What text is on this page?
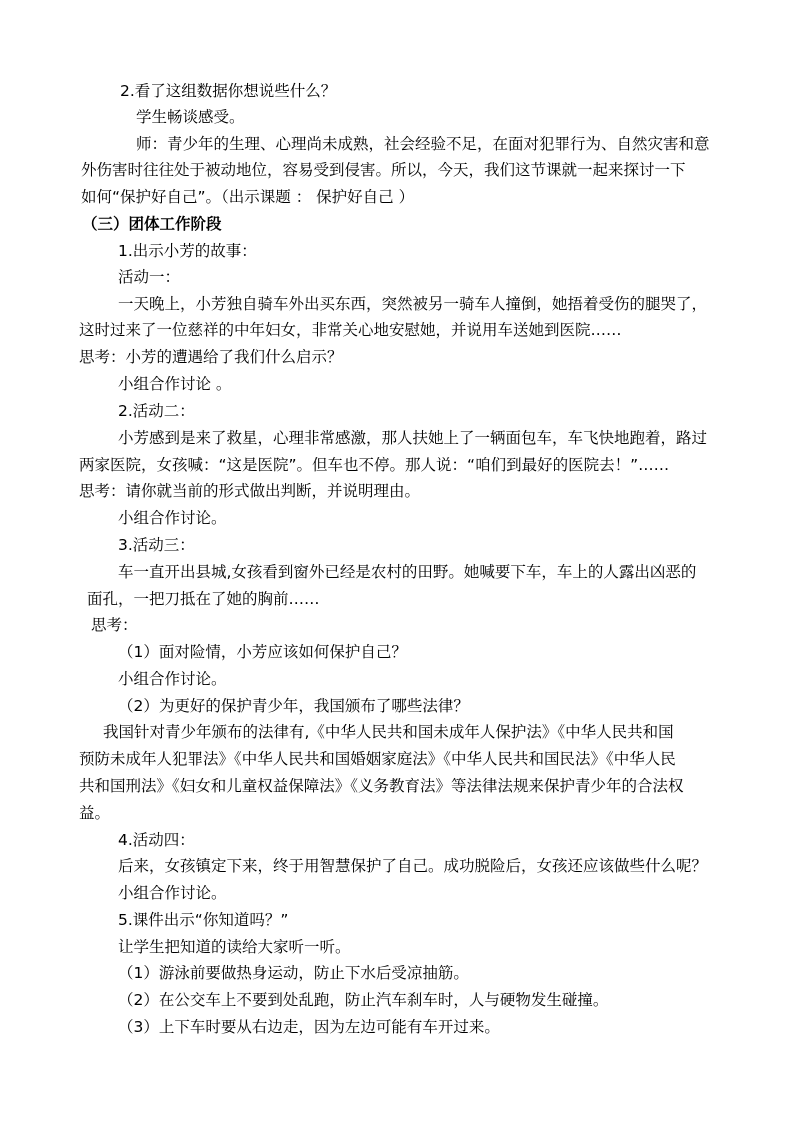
2.看了这组数据你想说些什么？

学生畅谈感受。

师：青少年的生理、心理尚未成熟，社会经验不足，在面对犯罪行为、自然灾害和意

外伤害时往往处于被动地位，容易受到侵害。所以，今天，我们这节课就一起来探讨一下

如何“保护好自己”。（出示课题 ： 保护好自己 ）

（三）团体工作阶段

1.出示小芳的故事：

活动一：

一天晚上，小芳独自骑车外出买东西，突然被另一骑车人撞倒，她捂着受伤的腿哭了，

这时过来了一位慈祥的中年妇女，非常关心地安慰她，并说用车送她到医院……

思考：小芳的遭遇给了我们什么启示？

小组合作讨论 。

2.活动二：

小芳感到是来了救星，心理非常感激，那人扶她上了一辆面包车，车飞快地跑着，路过

两家医院，女孩喊：“这是医院”。但车也不停。那人说：“咱们到最好的医院去！”……

思考：请你就当前的形式做出判断，并说明理由。

小组合作讨论。

3.活动三：

车一直开出县城,女孩看到窗外已经是农村的田野。她喊要下车，车上的人露出凶恶的

面孔，一把刀抵在了她的胸前……

思考：

（1）面对险情，小芳应该如何保护自己？

小组合作讨论。

（2）为更好的保护青少年，我国颁布了哪些法律？

我国针对青少年颁布的法律有,《中华人民共和国未成年人保护法》《中华人民共和国

预防未成年人犯罪法》《中华人民共和国婚姻家庭法》《中华人民共和国民法》《中华人民

共和国刑法》《妇女和儿童权益保障法》《义务教育法》等法律法规来保护青少年的合法权

益。

4.活动四：

后来，女孩镇定下来，终于用智慧保护了自己。成功脱险后，女孩还应该做些什么呢？

小组合作讨论。

5.课件出示“你知道吗？”

让学生把知道的读给大家听一听。

（1）游泳前要做热身运动，防止下水后受凉抽筋。

（2）在公交车上不要到处乱跑，防止汽车刹车时，人与硬物发生碰撞。

（3）上下车时要从右边走，因为左边可能有车开过来。
